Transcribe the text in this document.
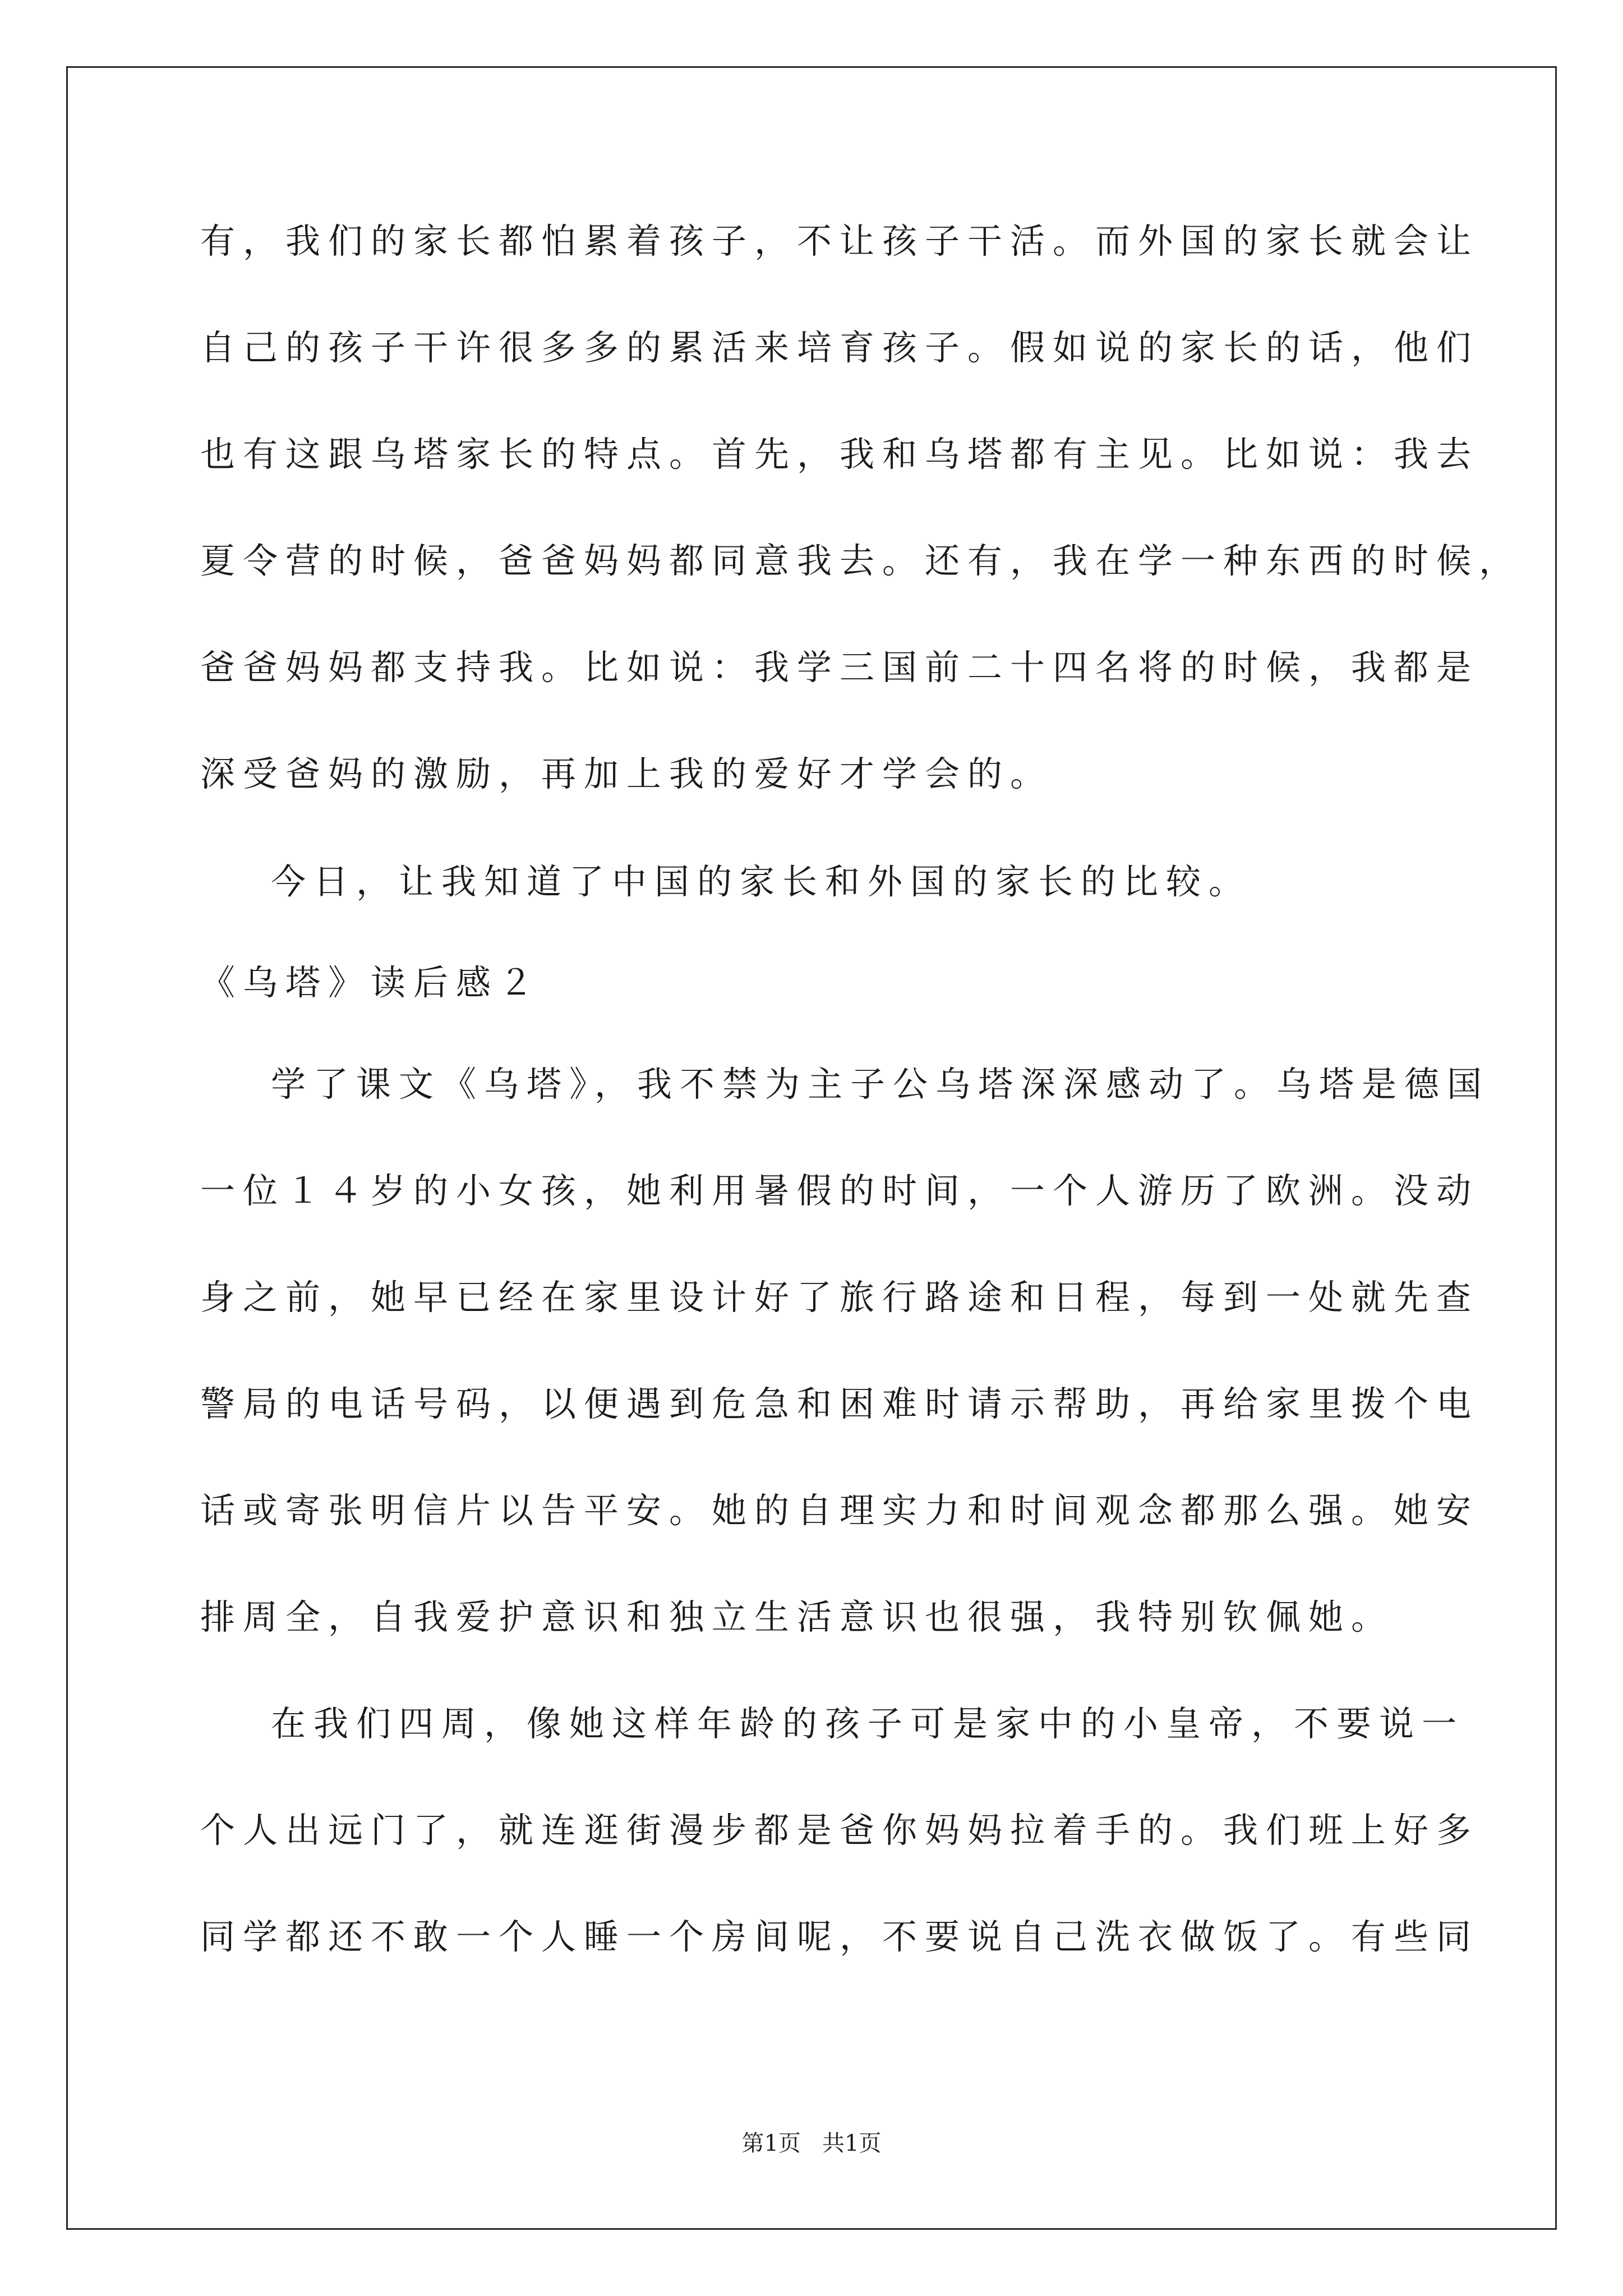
有，我们的家长都怕累着孩子，不让孩子干活。而外国的家长就会让
自己的孩子干许很多多的累活来培育孩子。假如说的家长的话，他们
也有这跟乌塔家长的特点。首先，我和乌塔都有主见。比如说：我去
夏令营的时候，爸爸妈妈都同意我去。还有，我在学一种东西的时候，
爸爸妈妈都支持我。比如说：我学三国前二十四名将的时候，我都是
深受爸妈的激励，再加上我的爱好才学会的。
今日，让我知道了中国的家长和外国的家长的比较。
《乌塔》读后感２
学了课文《乌塔》，我不禁为主子公乌塔深深感动了。乌塔是德国
一位１４岁的小女孩，她利用暑假的时间，一个人游历了欧洲。没动
身之前，她早已经在家里设计好了旅行路途和日程，每到一处就先查
警局的电话号码，以便遇到危急和困难时请示帮助，再给家里拨个电
话或寄张明信片以告平安。她的自理实力和时间观念都那么强。她安
排周全，自我爱护意识和独立生活意识也很强，我特别钦佩她。
在我们四周，像她这样年龄的孩子可是家中的小皇帝，不要说一
个人出远门了，就连逛街漫步都是爸你妈妈拉着手的。我们班上好多
同学都还不敢一个人睡一个房间呢，不要说自己洗衣做饭了。有些同
第1页   共1页
